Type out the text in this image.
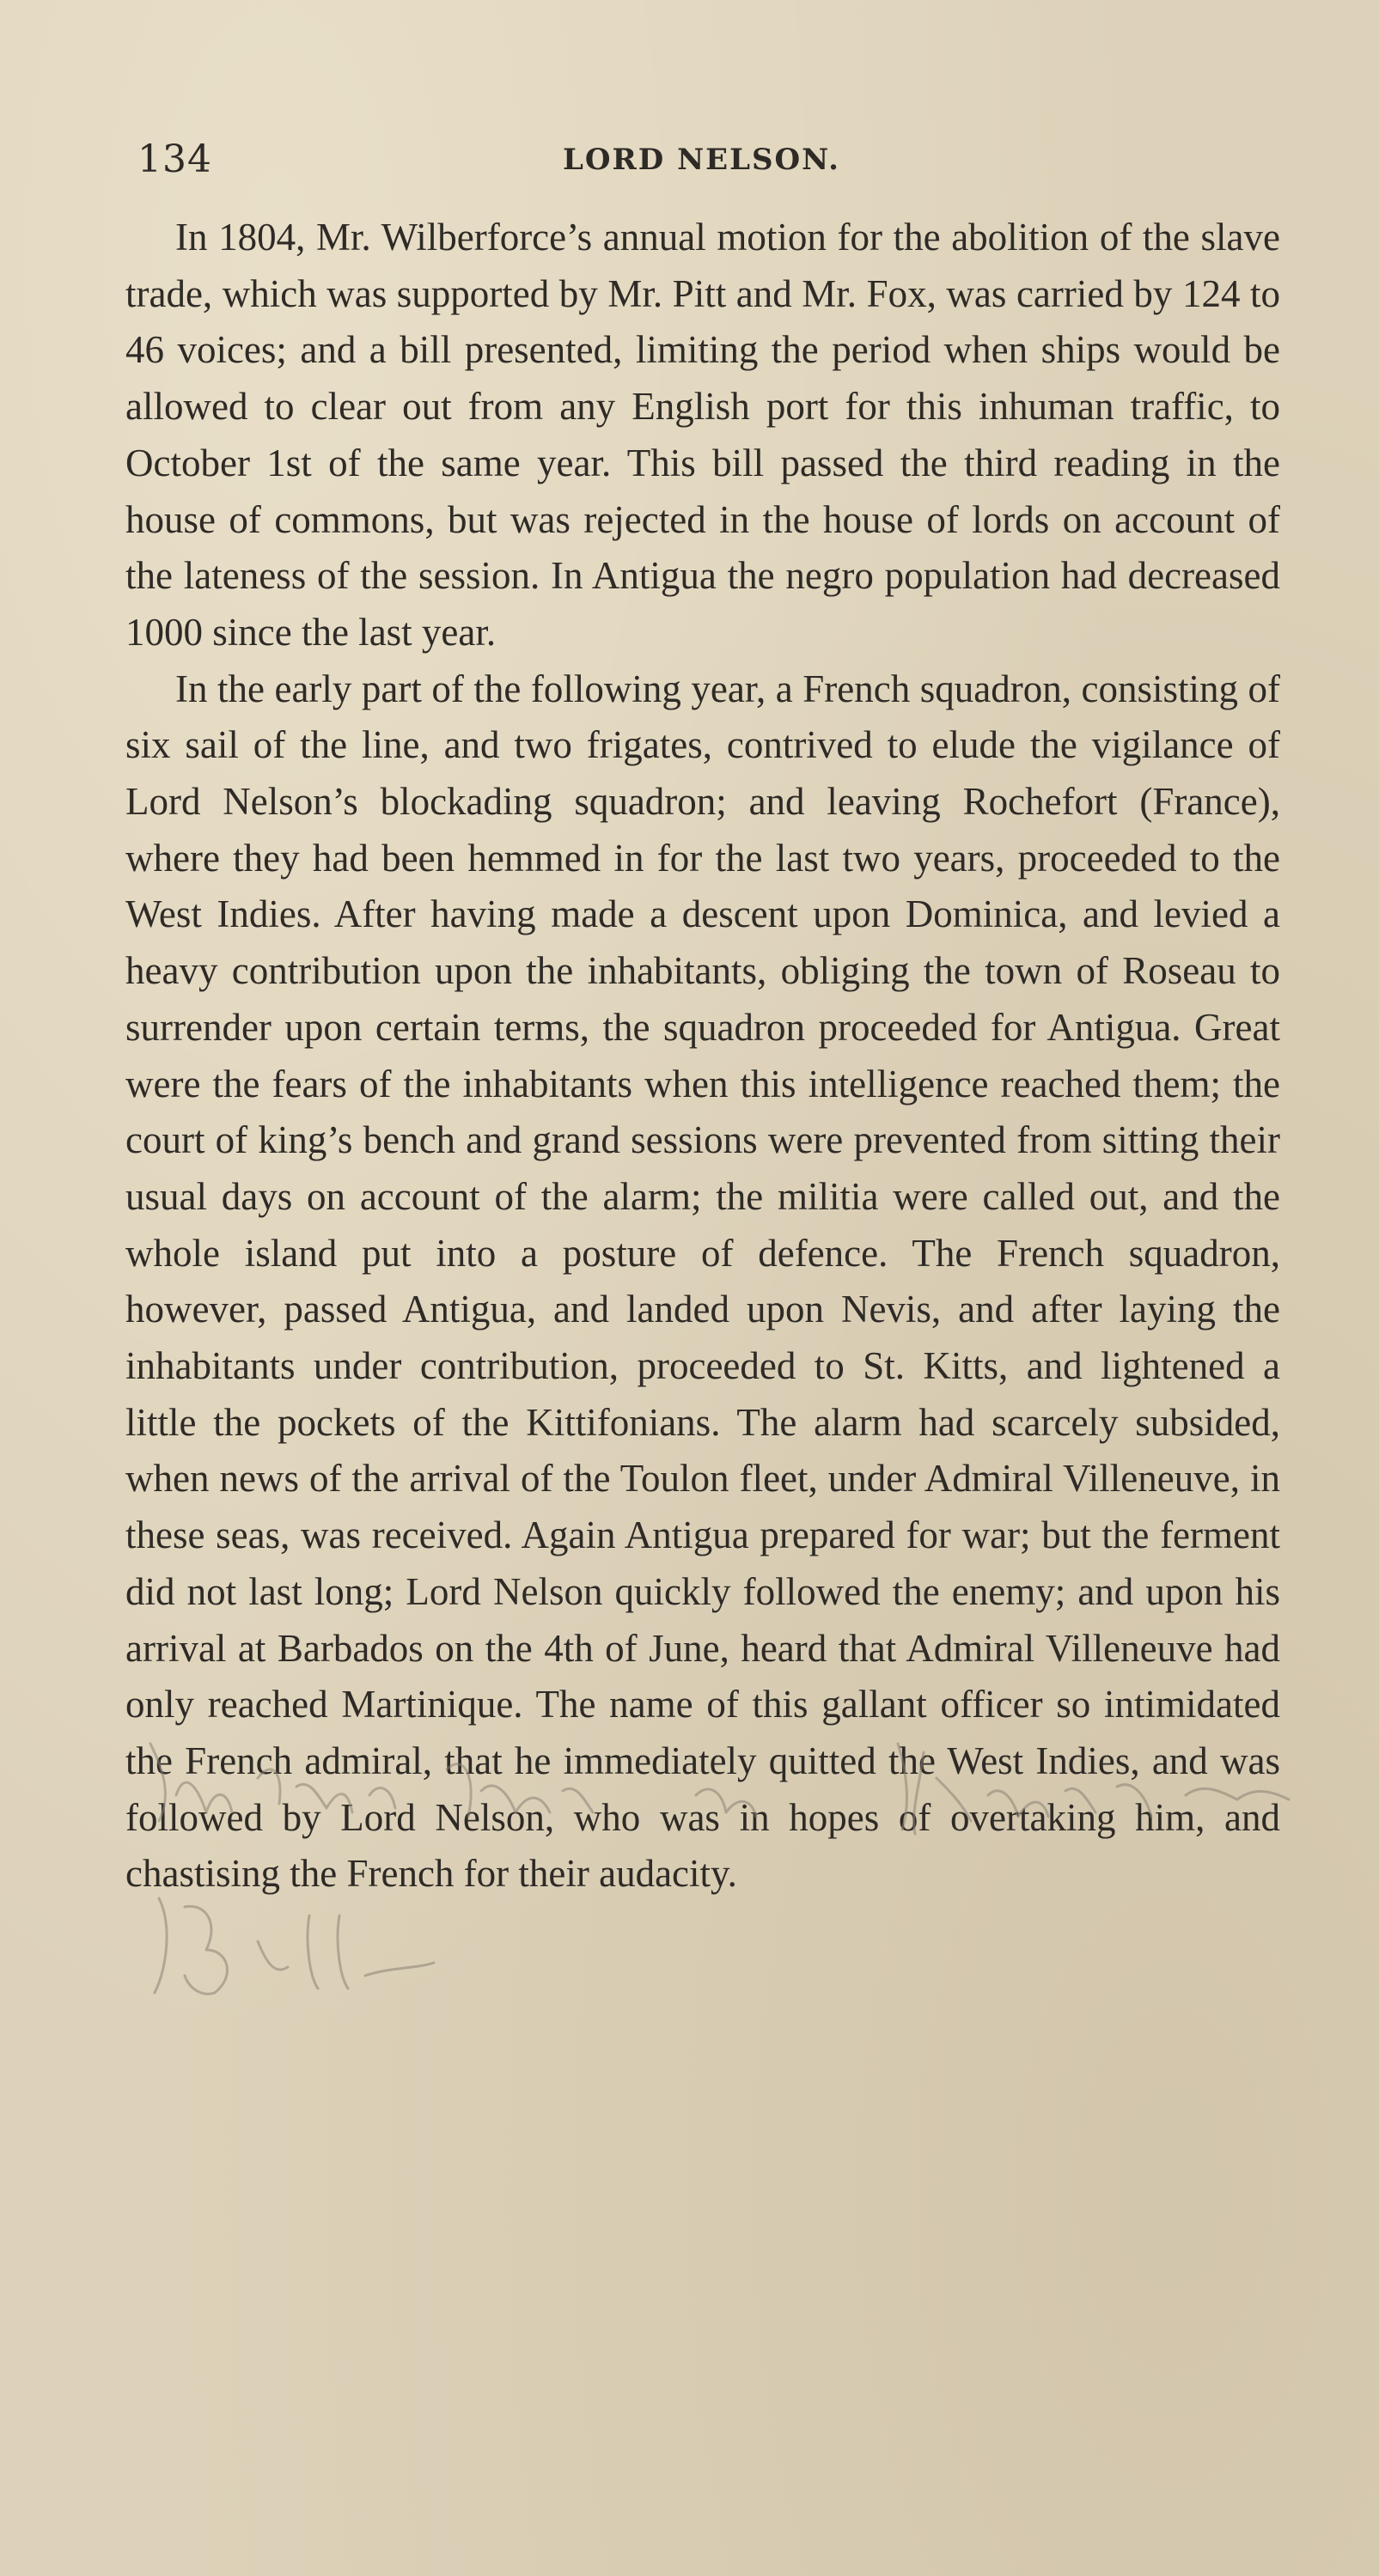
134	LORD NELSON.

In 1804, Mr. Wilberforce’s annual motion for the abolition of the slave trade, which was supported by Mr. Pitt and Mr. Fox, was carried by 124 to 46 voices; and a bill presented, limiting the period when ships would be allowed to clear out from any English port for this inhuman traffic, to October 1st of the same year. This bill passed the third reading in the house of commons, but was rejected in the house of lords on account of the lateness of the session. In Antigua the negro population had decreased 1000 since the last year.

In the early part of the following year, a French squadron, consisting of six sail of the line, and two frigates, contrived to elude the vigilance of Lord Nelson’s blockading squadron; and leaving Rochefort (France), where they had been hemmed in for the last two years, proceeded to the West Indies. After having made a descent upon Dominica, and levied a heavy contribution upon the inhabitants, obliging the town of Roseau to surrender upon certain terms, the squadron proceeded for Antigua. Great were the fears of the inhabitants when this intelligence reached them; the court of king’s bench and grand sessions were prevented from sitting their usual days on account of the alarm; the militia were called out, and the whole island put into a posture of defence. The French squadron, however, passed Antigua, and landed upon Nevis, and after laying the inhabitants under contribution, proceeded to St. Kitts, and lightened a little the pockets of the Kittifonians. The alarm had scarcely subsided, when news of the arrival of the Toulon fleet, under Admiral Villeneuve, in these seas, was received. Again Antigua prepared for war; but the ferment did not last long; Lord Nelson quickly followed the enemy; and upon his arrival at Barbados on the 4th of June, heard that Admiral Villeneuve had only reached Martinique. The name of this gallant officer so intimidated the French admiral, that he immediately quitted the West Indies, and was followed by Lord Nelson, who was in hopes of overtaking him, and chastising the French for their audacity.
